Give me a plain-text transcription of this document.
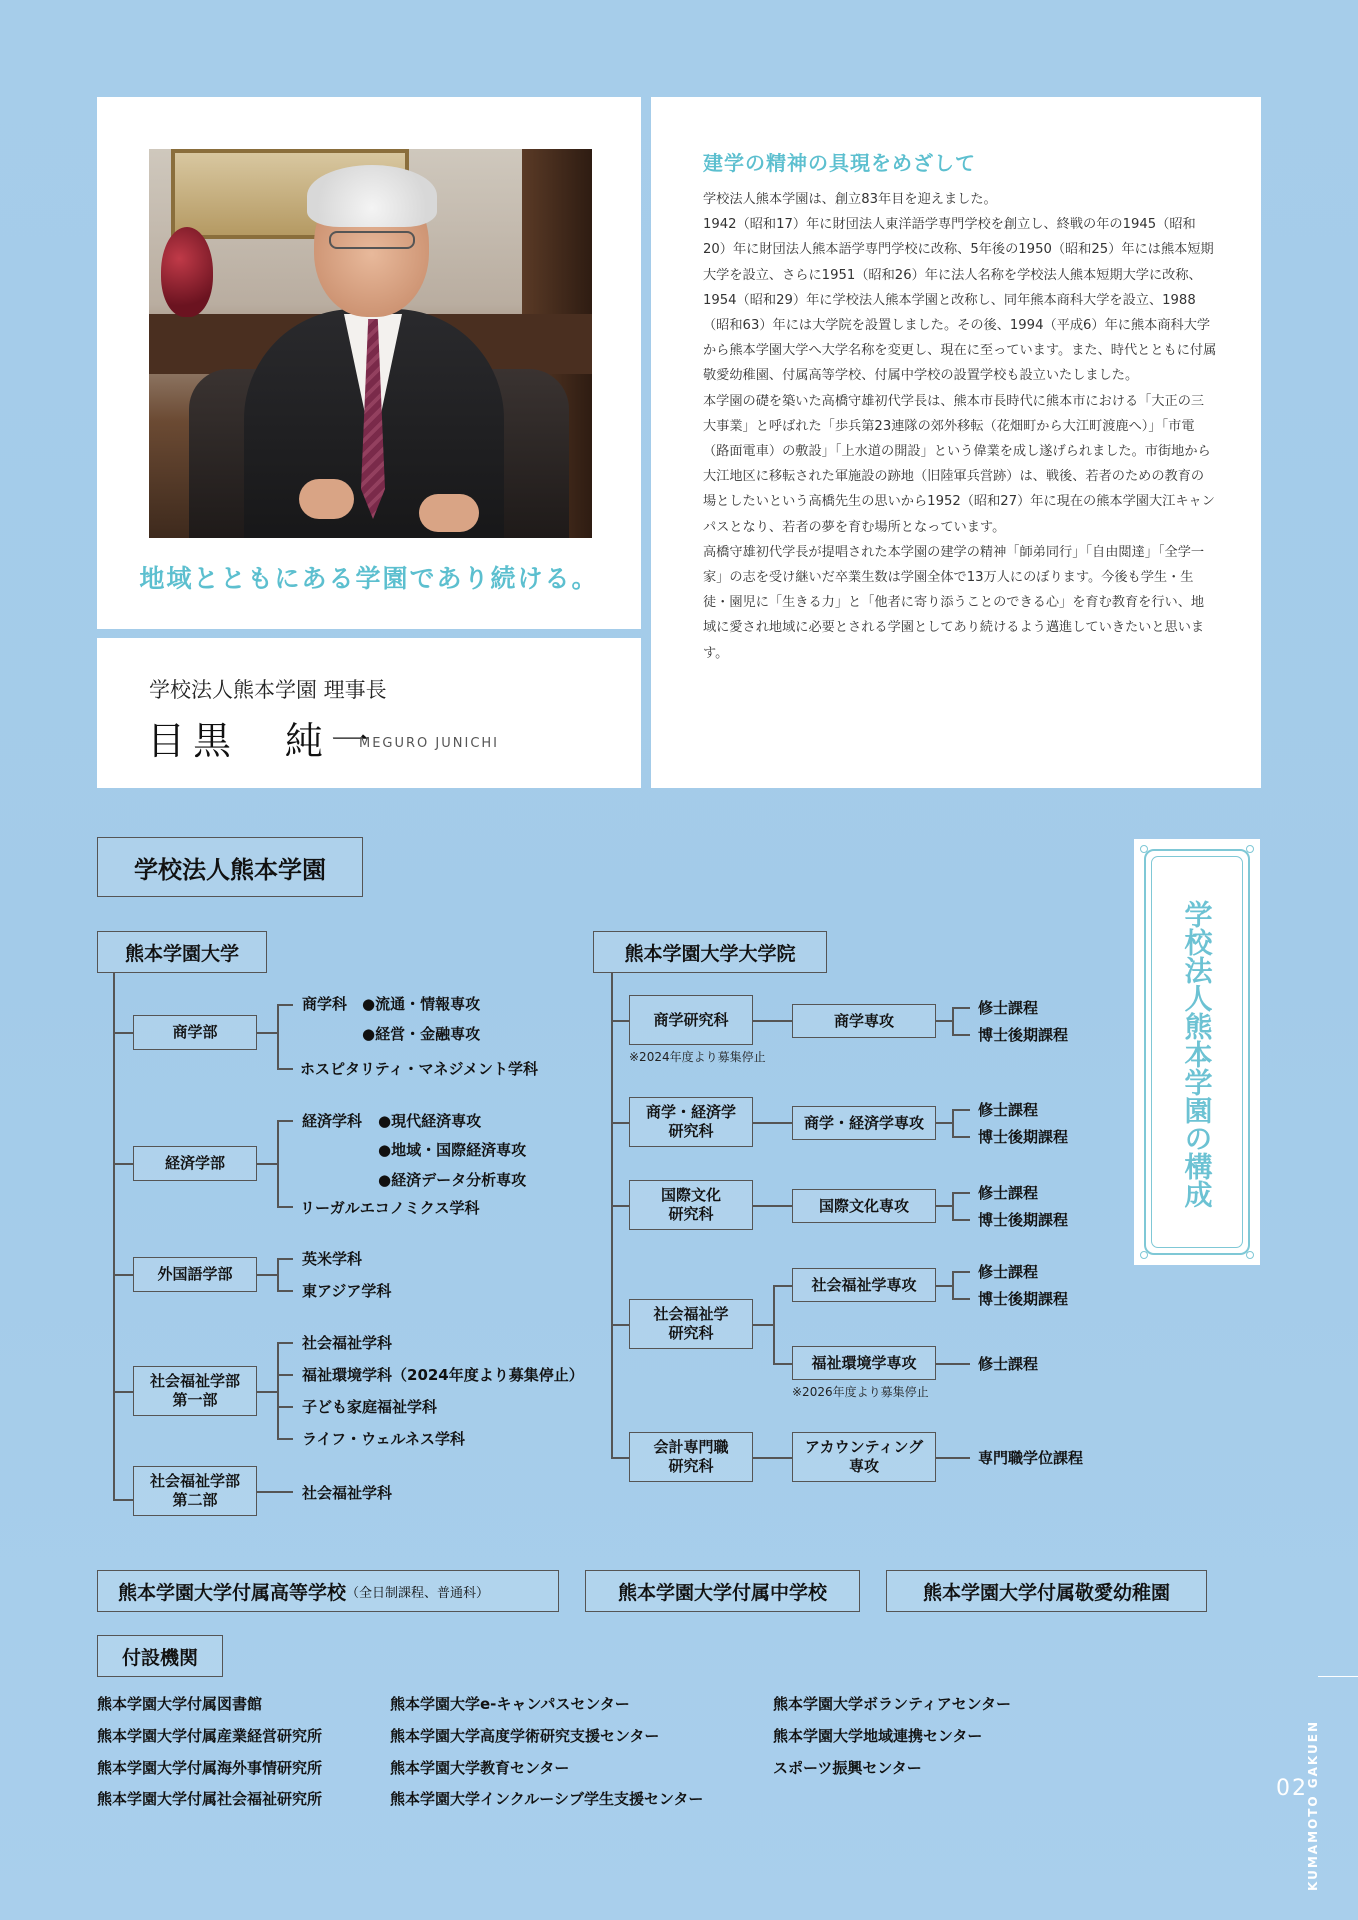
地域とともにある学園であり続ける。
学校法人熊本学園 理事長
目黒　純一
MEGURO JUNICHI
建学の精神の具現をめざして

学校法人熊本学園は、創立83年目を迎えました。

1942（昭和17）年に財団法人東洋語学専門学校を創立し、終戦の年の1945（昭和20）年に財団法人熊本語学専門学校に改称、5年後の1950（昭和25）年には熊本短期大学を設立、さらに1951（昭和26）年に法人名称を学校法人熊本短期大学に改称、1954（昭和29）年に学校法人熊本学園と改称し、同年熊本商科大学を設立、1988（昭和63）年には大学院を設置しました。その後、1994（平成6）年に熊本商科大学から熊本学園大学へ大学名称を変更し、現在に至っています。また、時代とともに付属敬愛幼稚園、付属高等学校、付属中学校の設置学校も設立いたしました。

本学園の礎を築いた高橋守雄初代学長は、熊本市長時代に熊本市における「大正の三大事業」と呼ばれた「歩兵第23連隊の郊外移転（花畑町から大江町渡鹿へ）」「市電（路面電車）の敷設」「上水道の開設」という偉業を成し遂げられました。市街地から大江地区に移転された軍施設の跡地（旧陸軍兵営跡）は、戦後、若者のための教育の場としたいという高橋先生の思いから1952（昭和27）年に現在の熊本学園大江キャンパスとなり、若者の夢を育む場所となっています。

高橋守雄初代学長が提唱された本学園の建学の精神「師弟同行」「自由閲達」「全学一家」の志を受け継いだ卒業生数は学園全体で13万人にのぼります。今後も学生・生徒・園児に「生きる力」と「他者に寄り添うことのできる心」を育む教育を行い、地域に愛され地域に必要とされる学園としてあり続けるよう邁進していきたいと思います。

学校法人熊本学園
熊本学園大学
商学部
商学科 ●流通・情報専攻
●経営・金融専攻
ホスピタリティ・マネジメント学科
経済学部
経済学科 ●現代経済専攻
●地域・国際経済専攻
●経済データ分析専攻
リーガルエコノミクス学科
外国語学部
英米学科
東アジア学科
社会福祉学部
第一部
社会福祉学科
福祉環境学科（2024年度より募集停止）
子ども家庭福祉学科
ライフ・ウェルネス学科
社会福祉学部
第二部	社会福祉学科
熊本学園大学大学院
商学研究科
※2024年度より募集停止
商学専攻
修士課程
博士後期課程
商学・経済学
研究科	商学・経済学専攻
修士課程
博士後期課程
国際文化
研究科	国際文化専攻
修士課程
博士後期課程
社会福祉学
研究科
社会福祉学専攻
修士課程
博士後期課程
福祉環境学専攻
※2026年度より募集停止
修士課程
会計専門職
研究科
アカウンティング
専攻	専門職学位課程
学校法人熊本学園の構成
熊本学園大学付属高等学校 （全日制課程、普通科）	熊本学園大学付属中学校	熊本学園大学付属敬愛幼稚園
付設機関
熊本学園大学付属図書館
熊本学園大学付属産業経営研究所
熊本学園大学付属海外事情研究所
熊本学園大学付属社会福祉研究所
熊本学園大学e-キャンパスセンター
熊本学園大学高度学術研究支援センター
熊本学園大学教育センター
熊本学園大学インクルーシブ学生支援センター
熊本学園大学ボランティアセンター
熊本学園大学地域連携センター
スポーツ振興センター	KUMAMOTO GAKUEN
02
